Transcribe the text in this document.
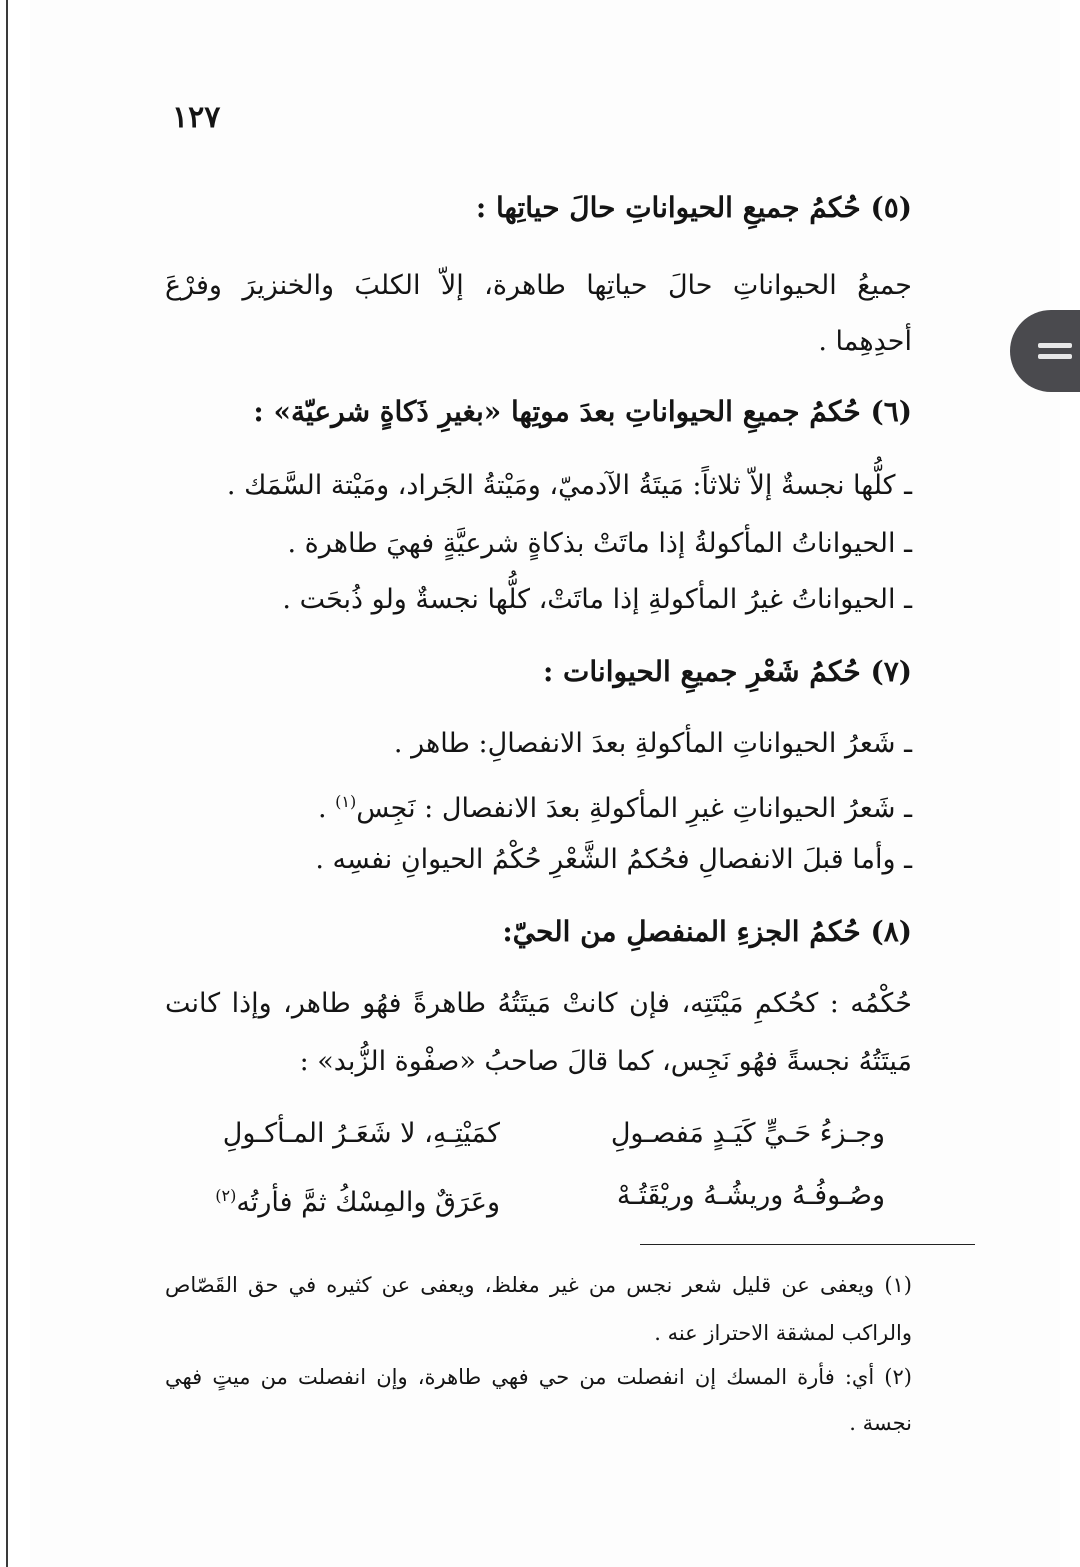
١٢٧
(٥) حُكمُ جميعِ الحيواناتِ حالَ حياتِها :
جميعُ الحيواناتِ حالَ حياتِها طاهرة، إلاّ الكلبَ والخنزيرَ وفرْعَ
أحدِهِما .
(٦) حُكمُ جميعِ الحيواناتِ بعدَ موتِها «بغيرِ ذَكاةٍ شرعيّة» :
ـ كلُّها نجسةٌ إلاّ ثلاثاً: مَيتَةُ الآدميّ، ومَيْتةُ الجَراد، ومَيْتة السَّمَك .
ـ الحيواناتُ المأكولةُ إذا ماتَتْ بذكاةٍ شرعيَّةٍ فهيَ طاهرة .
ـ الحيواناتُ غيرُ المأكولةِ إذا ماتَتْ، كلُّها نجسةٌ ولو ذُبحَت .
(٧) حُكمُ شَعْرِ جميعِ الحيوانات :
ـ شَعرُ الحيواناتِ المأكولةِ بعدَ الانفصالِ: طاهر .
ـ شَعرُ الحيواناتِ غيرِ المأكولةِ بعدَ الانفصال : نَجِس$^{(١)}$ .
ـ وأما قبلَ الانفصالِ فحُكمُ الشَّعْرِ حُكْمُ الحيوانِ نفسِه .
(٨) حُكمُ الجزءِ المنفصلِ من الحيّ:
حُكْمُه : كحُكمِ مَيْتَتِه، فإن كانتْ مَيتَتُهُ طاهرةً فهُو طاهر، وإذا كانت
مَيتَتُهُ نجسةً فهُو نَجِس، كما قالَ صاحبُ «صفْوة الزُّبد» :
وجـزءُ حَـيٍّ كَيَـدٍ مَفصـولِ
كمَيْتِـهِ، لا شَعَـرُ المـأكـولِ
وصُـوفُـهُ وريشُـهُ وريْقَتُـهْ
وعَرَقٌ والمِسْكُ ثمَّ فأرتُه$^{(٢)}$
(١) ويعفى عن قليل شعر نجس من غير مغلظ، ويعفى عن كثيره في حق القَصّاص
والراكب لمشقة الاحتراز عنه .
(٢) أي: فأرة المسك إن انفصلت من حي فهي طاهرة، وإن انفصلت من ميتٍ فهي
نجسة .
